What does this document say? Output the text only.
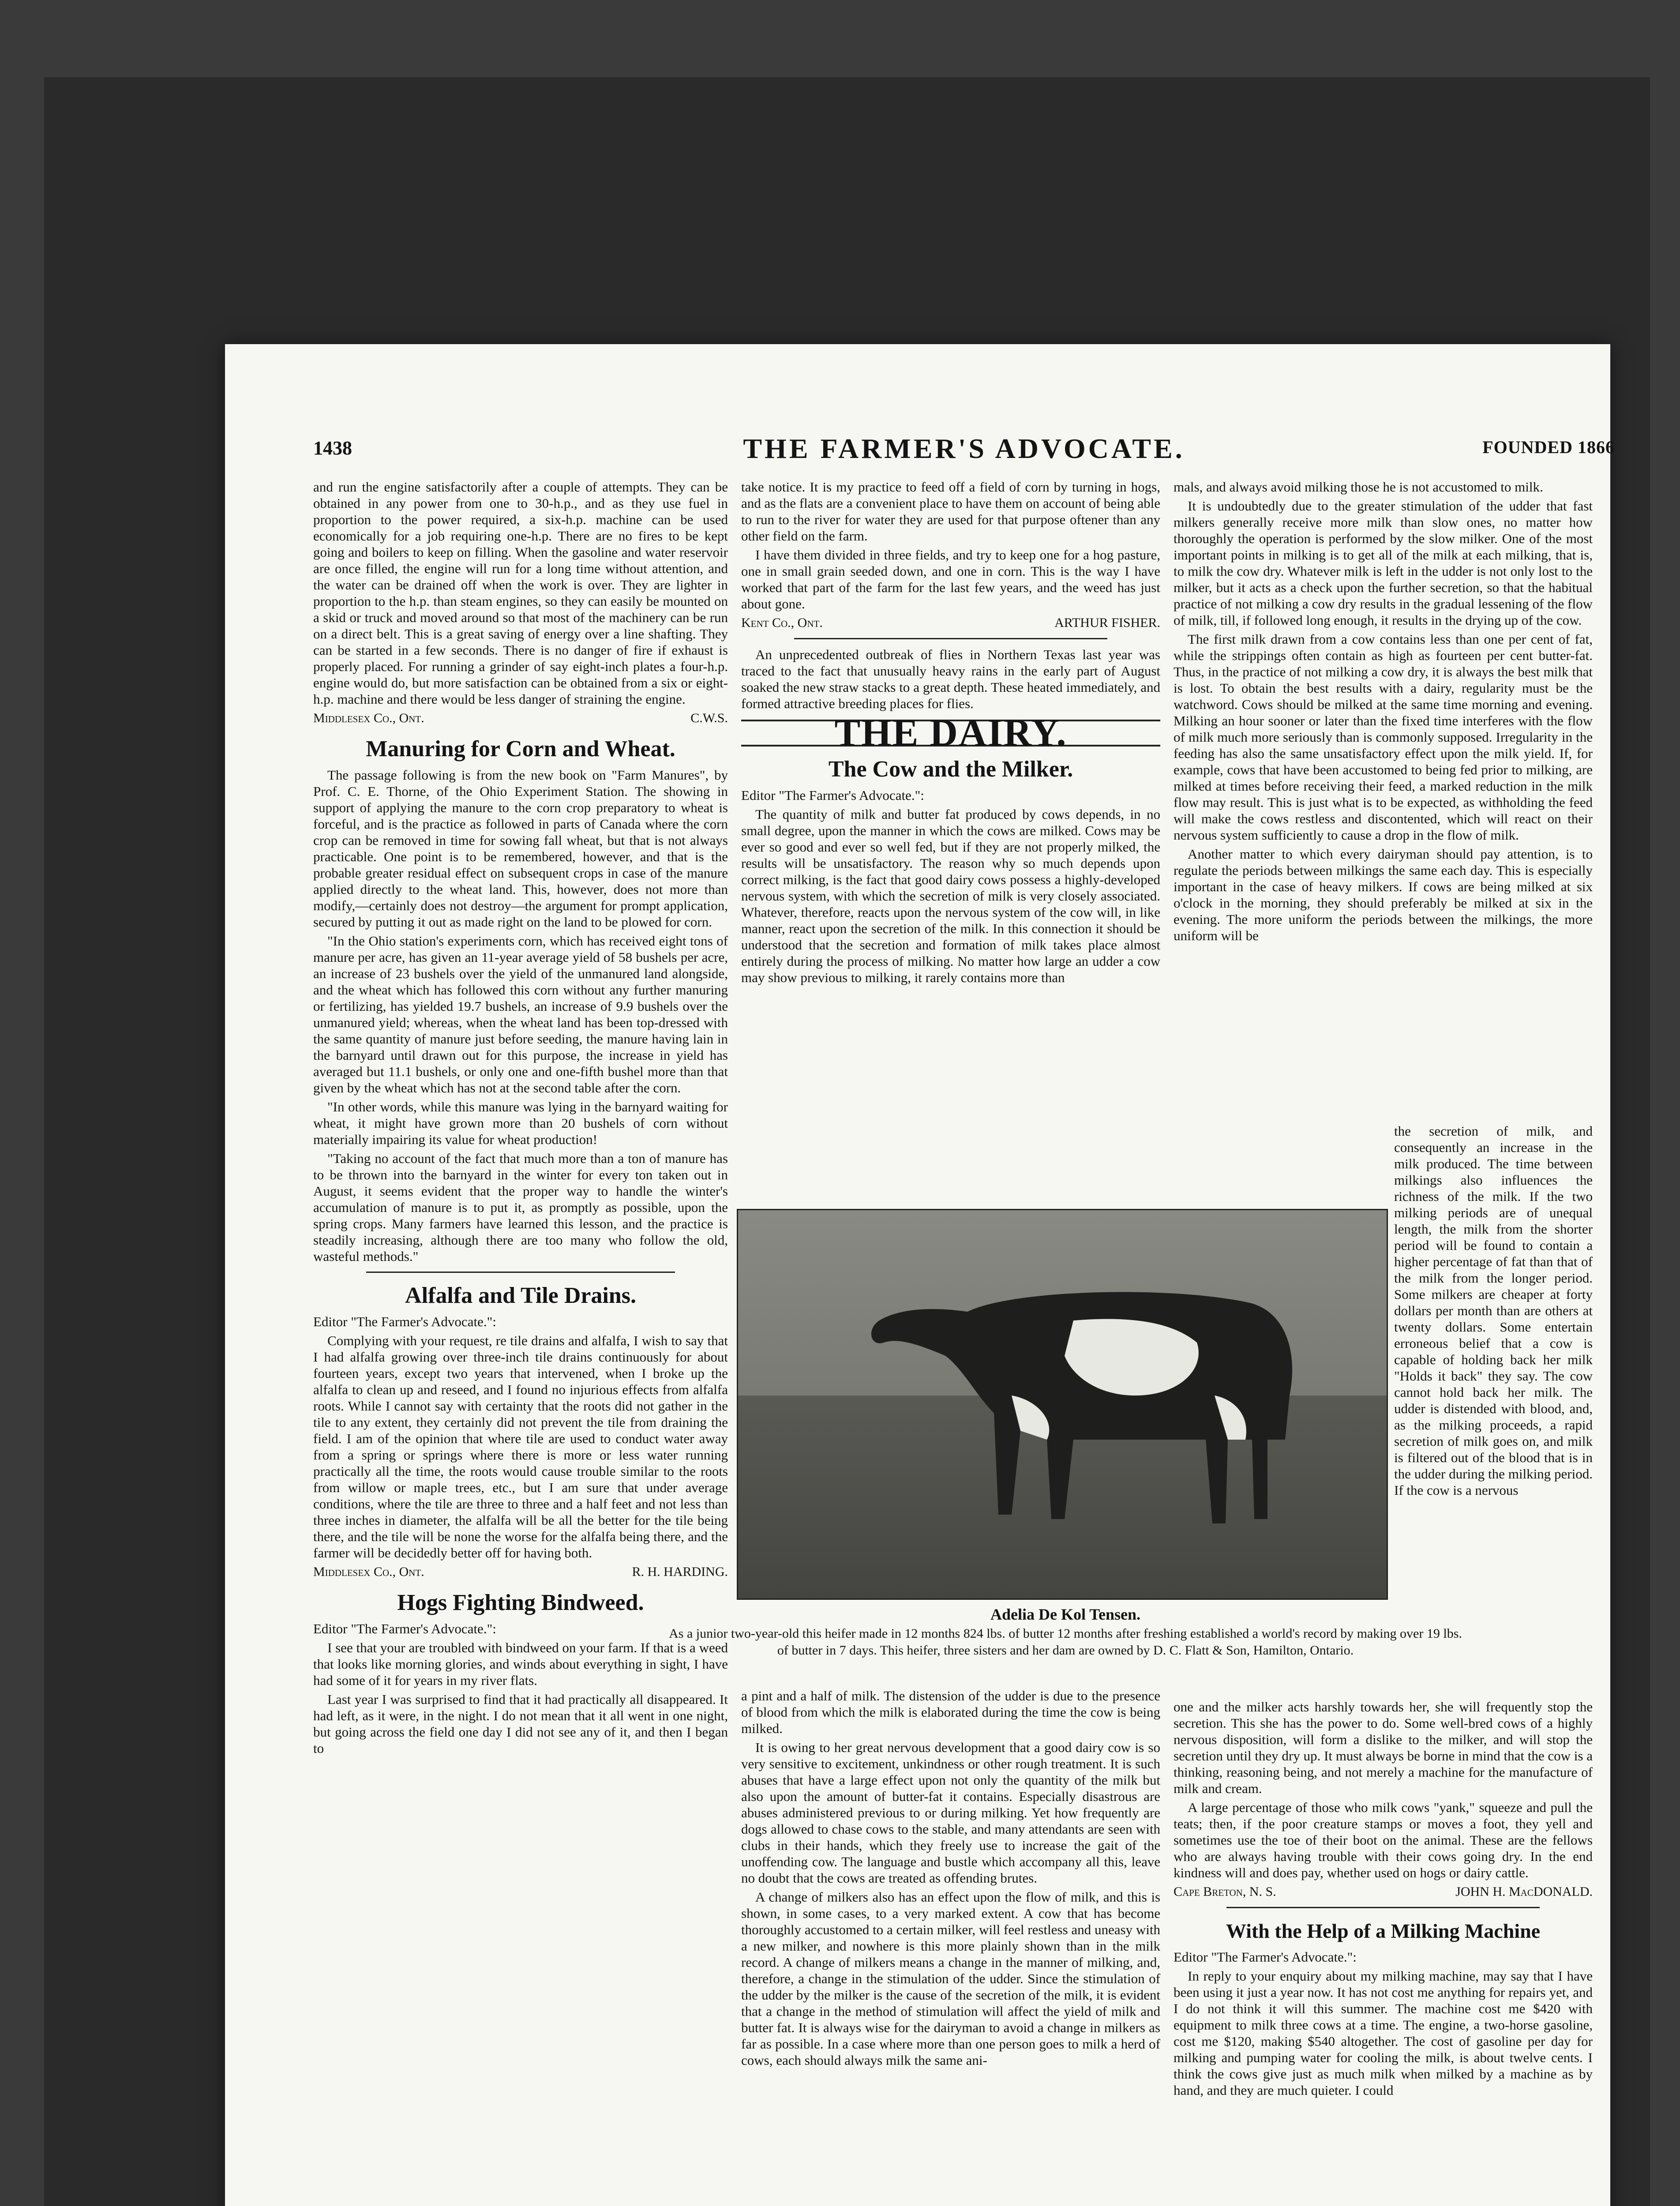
1438	THE FARMER'S ADVOCATE.	FOUNDED 1866

and run the engine satisfactorily after a couple of attempts. They can be obtained in any power from one to 30-h.p., and as they use fuel in proportion to the power required, a six-h.p. machine can be used economically for a job requiring one-h.p. There are no fires to be kept going and boilers to keep on filling. When the gasoline and water reservoir are once filled, the engine will run for a long time without attention, and the water can be drained off when the work is over. They are lighter in proportion to the h.p. than steam engines, so they can easily be mounted on a skid or truck and moved around so that most of the machinery can be run on a direct belt. This is a great saving of energy over a line shafting. They can be started in a few seconds. There is no danger of fire if exhaust is properly placed. For running a grinder of say eight-inch plates a four-h.p. engine would do, but more satisfaction can be obtained from a six or eight-h.p. machine and there would be less danger of straining the engine.

Middlesex Co., Ont.	C.W.S.
Manuring for Corn and Wheat.

The passage following is from the new book on "Farm Manures", by Prof. C. E. Thorne, of the Ohio Experiment Station. The showing in support of applying the manure to the corn crop preparatory to wheat is forceful, and is the practice as followed in parts of Canada where the corn crop can be removed in time for sowing fall wheat, but that is not always practicable. One point is to be remembered, however, and that is the probable greater residual effect on subsequent crops in case of the manure applied directly to the wheat land. This, however, does not more than modify,—certainly does not destroy—the argument for prompt application, secured by putting it out as made right on the land to be plowed for corn.

"In the Ohio station's experiments corn, which has received eight tons of manure per acre, has given an 11-year average yield of 58 bushels per acre, an increase of 23 bushels over the yield of the unmanured land alongside, and the wheat which has followed this corn without any further manuring or fertilizing, has yielded 19.7 bushels, an increase of 9.9 bushels over the unmanured yield; whereas, when the wheat land has been top-dressed with the same quantity of manure just before seeding, the manure having lain in the barnyard until drawn out for this purpose, the increase in yield has averaged but 11.1 bushels, or only one and one-fifth bushel more than that given by the wheat which has not at the second table after the corn.

"In other words, while this manure was lying in the barnyard waiting for wheat, it might have grown more than 20 bushels of corn without materially impairing its value for wheat production!

"Taking no account of the fact that much more than a ton of manure has to be thrown into the barnyard in the winter for every ton taken out in August, it seems evident that the proper way to handle the winter's accumulation of manure is to put it, as promptly as possible, upon the spring crops. Many farmers have learned this lesson, and the practice is steadily increasing, although there are too many who follow the old, wasteful methods."

Alfalfa and Tile Drains.

Editor "The Farmer's Advocate.":

Complying with your request, re tile drains and alfalfa, I wish to say that I had alfalfa growing over three-inch tile drains continuously for about fourteen years, except two years that intervened, when I broke up the alfalfa to clean up and reseed, and I found no injurious effects from alfalfa roots. While I cannot say with certainty that the roots did not gather in the tile to any extent, they certainly did not prevent the tile from draining the field. I am of the opinion that where tile are used to conduct water away from a spring or springs where there is more or less water running practically all the time, the roots would cause trouble similar to the roots from willow or maple trees, etc., but I am sure that under average conditions, where the tile are three to three and a half feet and not less than three inches in diameter, the alfalfa will be all the better for the tile being there, and the tile will be none the worse for the alfalfa being there, and the farmer will be decidedly better off for having both.

Middlesex Co., Ont.	R. H. HARDING.
Hogs Fighting Bindweed.

Editor "The Farmer's Advocate.":

I see that your are troubled with bindweed on your farm. If that is a weed that looks like morning glories, and winds about everything in sight, I have had some of it for years in my river flats.

Last year I was surprised to find that it had practically all disappeared. It had left, as it were, in the night. I do not mean that it all went in one night, but going across the field one day I did not see any of it, and then I began to

take notice. It is my practice to feed off a field of corn by turning in hogs, and as the flats are a convenient place to have them on account of being able to run to the river for water they are used for that purpose oftener than any other field on the farm.

I have them divided in three fields, and try to keep one for a hog pasture, one in small grain seeded down, and one in corn. This is the way I have worked that part of the farm for the last few years, and the weed has just about gone.

Kent Co., Ont.	ARTHUR FISHER.

An unprecedented outbreak of flies in Northern Texas last year was traced to the fact that unusually heavy rains in the early part of August soaked the new straw stacks to a great depth. These heated immediately, and formed attractive breeding places for flies.

THE DAIRY.
The Cow and the Milker.

Editor "The Farmer's Advocate.":

The quantity of milk and butter fat produced by cows depends, in no small degree, upon the manner in which the cows are milked. Cows may be ever so good and ever so well fed, but if they are not properly milked, the results will be unsatisfactory. The reason why so much depends upon correct milking, is the fact that good dairy cows possess a highly-developed nervous system, with which the secretion of milk is very closely associated. Whatever, therefore, reacts upon the nervous system of the cow will, in like manner, react upon the secretion of the milk. In this connection it should be understood that the secretion and formation of milk takes place almost entirely during the process of milking. No matter how large an udder a cow may show previous to milking, it rarely contains more than

mals, and always avoid milking those he is not accustomed to milk.

It is undoubtedly due to the greater stimulation of the udder that fast milkers generally receive more milk than slow ones, no matter how thoroughly the operation is performed by the slow milker. One of the most important points in milking is to get all of the milk at each milking, that is, to milk the cow dry. Whatever milk is left in the udder is not only lost to the milker, but it acts as a check upon the further secretion, so that the habitual practice of not milking a cow dry results in the gradual lessening of the flow of milk, till, if followed long enough, it results in the drying up of the cow.

The first milk drawn from a cow contains less than one per cent of fat, while the strippings often contain as high as fourteen per cent butter-fat. Thus, in the practice of not milking a cow dry, it is always the best milk that is lost. To obtain the best results with a dairy, regularity must be the watchword. Cows should be milked at the same time morning and evening. Milking an hour sooner or later than the fixed time interferes with the flow of milk much more seriously than is commonly supposed. Irregularity in the feeding has also the same unsatisfactory effect upon the milk yield. If, for example, cows that have been accustomed to being fed prior to milking, are milked at times before receiving their feed, a marked reduction in the milk flow may result. This is just what is to be expected, as withholding the feed will make the cows restless and discontented, which will react on their nervous system sufficiently to cause a drop in the flow of milk.

Another matter to which every dairyman should pay attention, is to regulate the periods between milkings the same each day. This is especially important in the case of heavy milkers. If cows are being milked at six o'clock in the morning, they should preferably be milked at six in the evening. The more uniform the periods between the milkings, the more uniform will be

the secretion of milk, and consequently an increase in the milk produced. The time between milkings also influences the richness of the milk. If the two milking periods are of unequal length, the milk from the shorter period will be found to contain a higher percentage of fat than that of the milk from the longer period. Some milkers are cheaper at forty dollars per month than are others at twenty dollars. Some entertain erroneous belief that a cow is capable of holding back her milk "Holds it back" they say. The cow cannot hold back her milk. The udder is distended with blood, and, as the milking proceeds, a rapid secretion of milk goes on, and milk is filtered out of the blood that is in the udder during the milking period. If the cow is a nervous

Adelia De Kol Tensen.
As a junior two-year-old this heifer made in 12 months 824 lbs. of butter 12 months after freshing established a world's record by making over 19 lbs. of butter in 7 days. This heifer, three sisters and her dam are owned by D. C. Flatt & Son, Hamilton, Ontario.

a pint and a half of milk. The distension of the udder is due to the presence of blood from which the milk is elaborated during the time the cow is being milked.

It is owing to her great nervous development that a good dairy cow is so very sensitive to excitement, unkindness or other rough treatment. It is such abuses that have a large effect upon not only the quantity of the milk but also upon the amount of butter-fat it contains. Especially disastrous are abuses administered previous to or during milking. Yet how frequently are dogs allowed to chase cows to the stable, and many attendants are seen with clubs in their hands, which they freely use to increase the gait of the unoffending cow. The language and bustle which accompany all this, leave no doubt that the cows are treated as offending brutes.

A change of milkers also has an effect upon the flow of milk, and this is shown, in some cases, to a very marked extent. A cow that has become thoroughly accustomed to a certain milker, will feel restless and uneasy with a new milker, and nowhere is this more plainly shown than in the milk record. A change of milkers means a change in the manner of milking, and, therefore, a change in the stimulation of the udder. Since the stimulation of the udder by the milker is the cause of the secretion of the milk, it is evident that a change in the method of stimulation will affect the yield of milk and butter fat. It is always wise for the dairyman to avoid a change in milkers as far as possible. In a case where more than one person goes to milk a herd of cows, each should always milk the same ani-

one and the milker acts harshly towards her, she will frequently stop the secretion. This she has the power to do. Some well-bred cows of a highly nervous disposition, will form a dislike to the milker, and will stop the secretion until they dry up. It must always be borne in mind that the cow is a thinking, reasoning being, and not merely a machine for the manufacture of milk and cream.

A large percentage of those who milk cows "yank," squeeze and pull the teats; then, if the poor creature stamps or moves a foot, they yell and sometimes use the toe of their boot on the animal. These are the fellows who are always having trouble with their cows going dry. In the end kindness will and does pay, whether used on hogs or dairy cattle.

Cape Breton, N. S.	JOHN H. MacDONALD.
With the Help of a Milking Machine

Editor "The Farmer's Advocate.":

In reply to your enquiry about my milking machine, may say that I have been using it just a year now. It has not cost me anything for repairs yet, and I do not think it will this summer. The machine cost me $420 with equipment to milk three cows at a time. The engine, a two-horse gasoline, cost me $120, making $540 altogether. The cost of gasoline per day for milking and pumping water for cooling the milk, is about twelve cents. I think the cows give just as much milk when milked by a machine as by hand, and they are much quieter. I could
